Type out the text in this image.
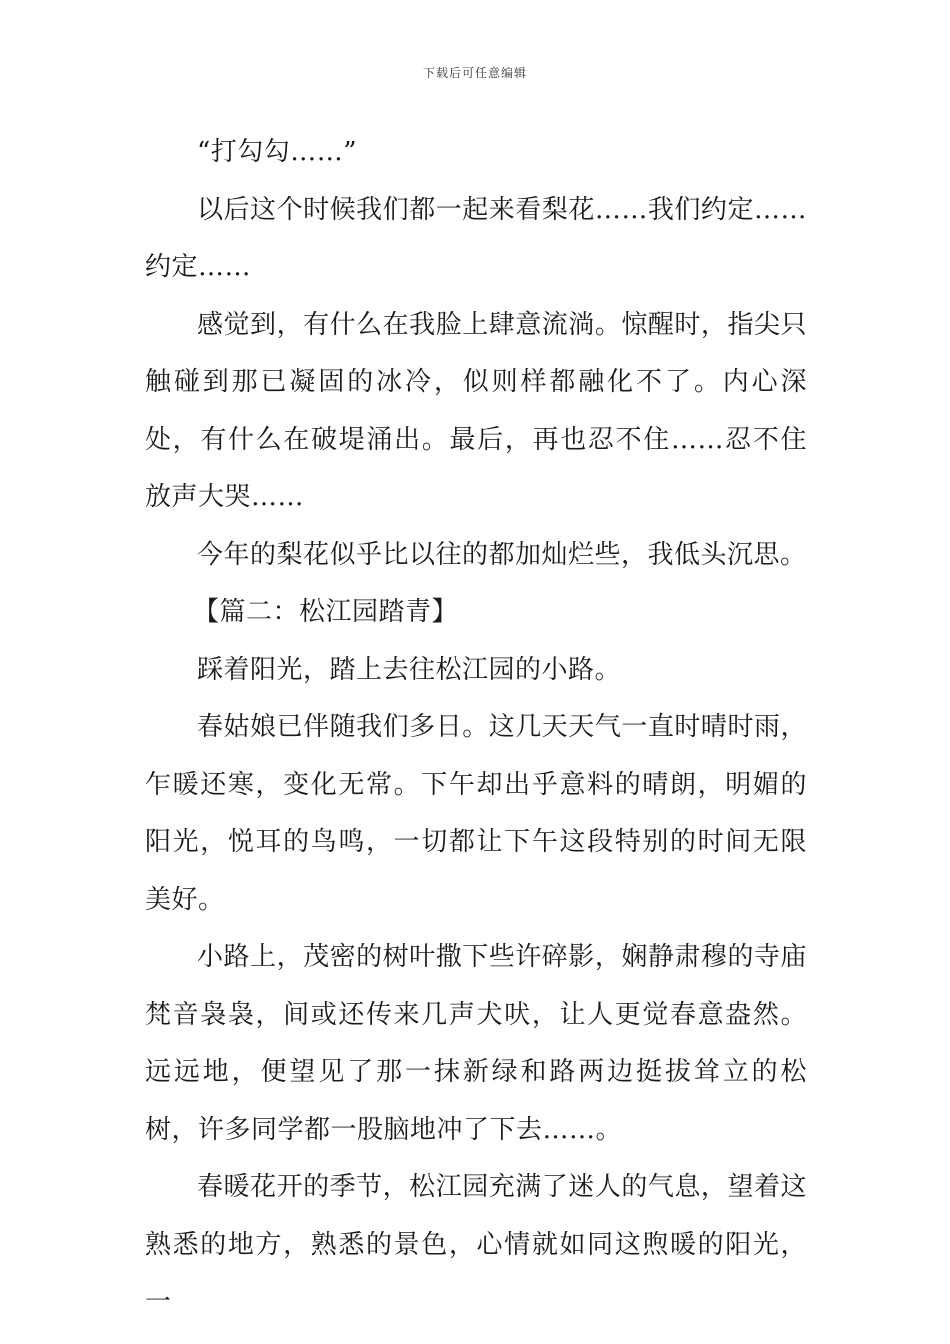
下载后可任意编辑

“打勾勾……”

以后这个时候我们都一起来看梨花……我们约定……约定……

感觉到，有什么在我脸上肆意流淌。惊醒时，指尖只触碰到那已凝固的冰冷，似则样都融化不了。内心深处，有什么在破堤涌出。最后，再也忍不住……忍不住放声大哭……

今年的梨花似乎比以往的都加灿烂些，我低头沉思。

【篇二：松江园踏青】

踩着阳光，踏上去往松江园的小路。

春姑娘已伴随我们多日。这几天天气一直时晴时雨，乍暖还寒，变化无常。下午却出乎意料的晴朗，明媚的阳光，悦耳的鸟鸣，一切都让下午这段特别的时间无限美好。

小路上，茂密的树叶撒下些许碎影，娴静肃穆的寺庙梵音袅袅，间或还传来几声犬吠，让人更觉春意盎然。远远地，便望见了那一抹新绿和路两边挺拔耸立的松树，许多同学都一股脑地冲了下去……。

春暖花开的季节，松江园充满了迷人的气息，望着这熟悉的地方，熟悉的景色，心情就如同这煦暖的阳光，一
